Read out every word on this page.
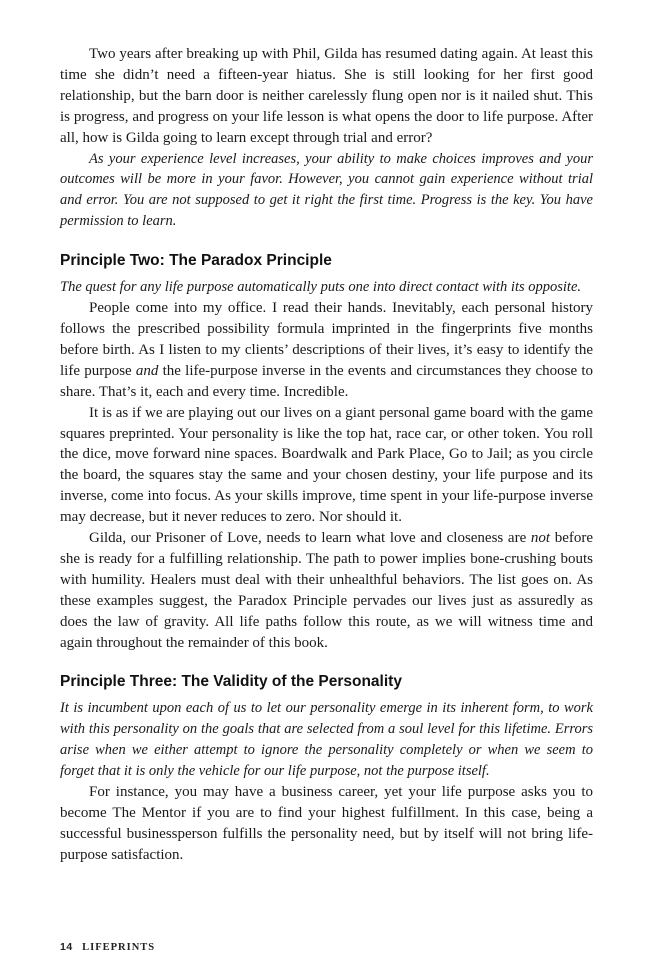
Two years after breaking up with Phil, Gilda has resumed dating again. At least this time she didn’t need a fifteen-year hiatus. She is still looking for her first good relationship, but the barn door is neither carelessly flung open nor is it nailed shut. This is progress, and progress on your life lesson is what opens the door to life purpose. After all, how is Gilda going to learn except through trial and error?

As your experience level increases, your ability to make choices improves and your outcomes will be more in your favor. However, you cannot gain experience without trial and error. You are not supposed to get it right the first time. Progress is the key. You have permission to learn.

Principle Two: The Paradox Principle

The quest for any life purpose automatically puts one into direct contact with its opposite.

People come into my office. I read their hands. Inevitably, each personal history follows the prescribed possibility formula imprinted in the fingerprints five months before birth. As I listen to my clients’ descriptions of their lives, it’s easy to identify the life purpose and the life-purpose inverse in the events and circumstances they choose to share. That’s it, each and every time. Incredible.

It is as if we are playing out our lives on a giant personal game board with the game squares preprinted. Your personality is like the top hat, race car, or other token. You roll the dice, move forward nine spaces. Boardwalk and Park Place, Go to Jail; as you circle the board, the squares stay the same and your chosen destiny, your life purpose and its inverse, come into focus. As your skills improve, time spent in your life-purpose inverse may decrease, but it never reduces to zero. Nor should it.

Gilda, our Prisoner of Love, needs to learn what love and closeness are not before she is ready for a fulfilling relationship. The path to power implies bone-crushing bouts with humility. Healers must deal with their unhealthful behaviors. The list goes on. As these examples suggest, the Paradox Principle pervades our lives just as assuredly as does the law of gravity. All life paths follow this route, as we will witness time and again throughout the remainder of this book.

Principle Three: The Validity of the Personality

It is incumbent upon each of us to let our personality emerge in its inherent form, to work with this personality on the goals that are selected from a soul level for this lifetime. Errors arise when we either attempt to ignore the personality completely or when we seem to forget that it is only the vehicle for our life purpose, not the purpose itself.

For instance, you may have a business career, yet your life purpose asks you to become The Mentor if you are to find your highest fulfillment. In this case, being a successful businessperson fulfills the personality need, but by itself will not bring life-purpose satisfaction.

14 LIFEPRINTS
